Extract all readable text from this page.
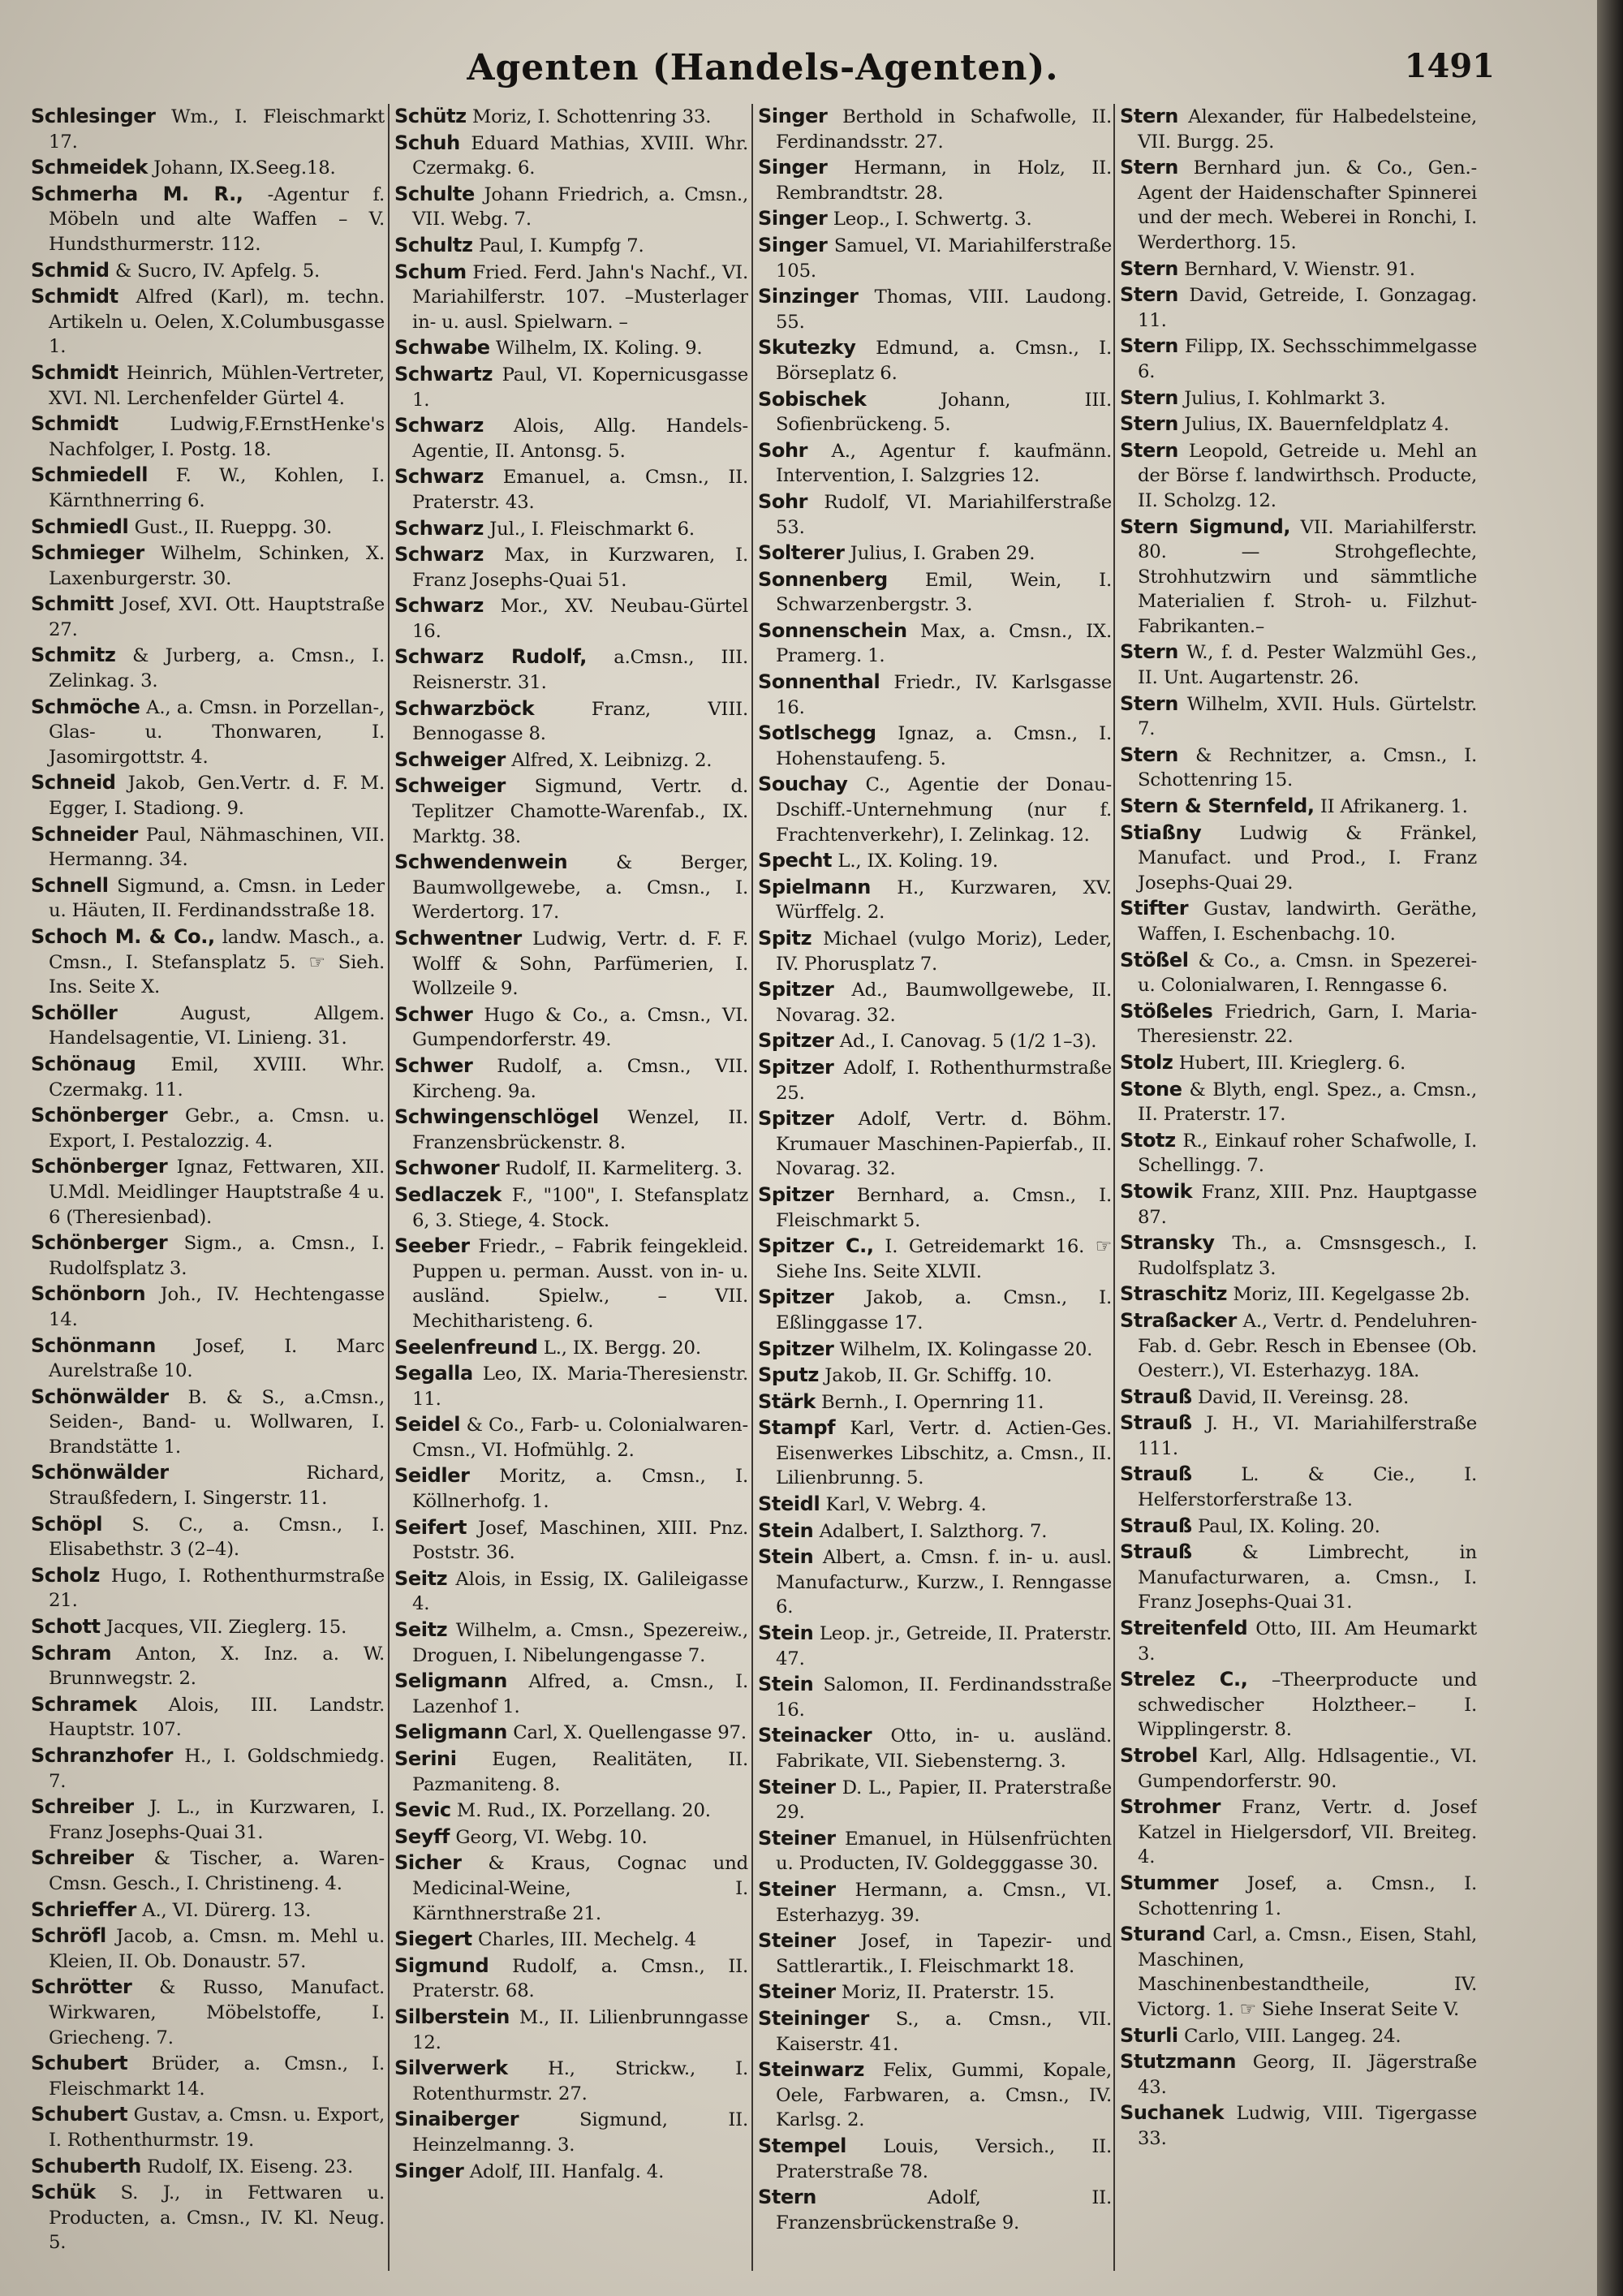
Agenten (Handels-Agenten).	1491

Schlesinger Wm., I. Fleischmarkt 17.

Schmeidek Johann, IX.Seeg.18.

Schmerha M. R., -Agentur f. Möbeln und alte Waffen – V. Hundsthurmerstr. 112.

Schmid & Sucro, IV. Apfelg. 5.

Schmidt Alfred (Karl), m. techn. Artikeln u. Oelen, X.Columbusgasse 1.

Schmidt Heinrich, Mühlen-Vertreter, XVI. Nl. Lerchenfelder Gürtel 4.

Schmidt	Ludwig,F.ErnstHenke's Nachfolger, I. Postg. 18.

Schmiedell F. W., Kohlen, I. Kärnthnerring 6.

Schmiedl Gust., II. Rueppg. 30.

Schmieger Wilhelm, Schinken, X. Laxenburgerstr. 30.

Schmitt Josef, XVI. Ott. Hauptstraße 27.

Schmitz & Jurberg, a. Cmsn., I. Zelinkag. 3.

Schmöche A., a. Cmsn. in Porzellan-, Glas- u. Thonwaren, I. Jasomirgottstr. 4.

Schneid Jakob, Gen.Vertr. d. F. M. Egger, I. Stadiong. 9.

Schneider Paul, Nähmaschinen, VII. Hermanng. 34.

Schnell Sigmund, a. Cmsn. in Leder u. Häuten, II. Ferdinandsstraße 18.

Schoch M. & Co., landw. Masch., a. Cmsn., I. Stefansplatz 5. ☞ Sieh. Ins. Seite X.

Schöller	August, Allgem. Handelsagentie, VI. Linieng. 31.

Schönaug Emil, XVIII. Whr. Czermakg. 11.

Schönberger Gebr., a. Cmsn. u. Export, I. Pestalozzig. 4.

Schönberger Ignaz, Fettwaren, XII. U.Mdl. Meidlinger Hauptstraße 4 u. 6 (Theresienbad).

Schönberger Sigm., a. Cmsn., I. Rudolfsplatz 3.

Schönborn Joh., IV. Hechtengasse 14.

Schönmann Josef, I. Marc Aurelstraße 10.

Schönwälder B. & S., a.Cmsn., Seiden-, Band- u. Wollwaren, I. Brandstätte 1.

Schönwälder	Richard, Straußfedern, I. Singerstr. 11.

Schöpl S. C., a. Cmsn., I. Elisabethstr. 3 (2–4).

Scholz Hugo, I. Rothenthurmstraße 21.

Schott Jacques, VII. Zieglerg. 15.

Schram Anton, X. Inz. a. W. Brunnwegstr. 2.

Schramek Alois, III. Landstr. Hauptstr. 107.

Schranzhofer H., I. Goldschmiedg. 7.

Schreiber J. L., in Kurzwaren, I. Franz Josephs-Quai 31.

Schreiber & Tischer, a. Waren-Cmsn. Gesch., I. Christineng. 4.

Schrieffer A., VI. Dürerg. 13.

Schröfl Jacob, a. Cmsn. m. Mehl u. Kleien, II. Ob. Donaustr. 57.

Schrötter & Russo, Manufact. Wirkwaren, Möbelstoffe, I. Griecheng. 7.

Schubert Brüder, a. Cmsn., I. Fleischmarkt 14.

Schubert Gustav, a. Cmsn. u. Export, I. Rothenthurmstr. 19.

Schuberth Rudolf, IX. Eiseng. 23.

Schük S. J., in Fettwaren u. Producten, a. Cmsn., IV. Kl. Neug. 5.

Schütz Moriz, I. Schottenring 33.

Schuh Eduard Mathias, XVIII. Whr. Czermakg. 6.

Schulte Johann Friedrich, a. Cmsn., VII. Webg. 7.

Schultz Paul, I. Kumpfg 7.

Schum Fried. Ferd. Jahn's Nachf., VI. Mariahilferstr. 107. –Musterlager in- u. ausl. Spielwarn. –

Schwabe Wilhelm, IX. Koling. 9.

Schwartz Paul, VI. Kopernicusgasse 1.

Schwarz Alois, Allg. Handels-Agentie, II. Antonsg. 5.

Schwarz Emanuel, a. Cmsn., II. Praterstr. 43.

Schwarz Jul., I. Fleischmarkt 6.

Schwarz Max, in Kurzwaren, I. Franz Josephs-Quai 51.

Schwarz Mor., XV. Neubau-Gürtel 16.

Schwarz Rudolf, a.Cmsn., III. Reisnerstr. 31.

Schwarzböck	Franz, VIII. Bennogasse 8.

Schweiger Alfred, X. Leibnizg. 2.

Schweiger Sigmund, Vertr. d. Teplitzer Chamotte-Warenfab., IX. Marktg. 38.

Schwendenwein	& Berger, Baumwollgewebe, a. Cmsn., I. Werdertorg. 17.

Schwentner Ludwig, Vertr. d. F. F. Wolff & Sohn, Parfümerien, I. Wollzeile 9.

Schwer Hugo & Co., a. Cmsn., VI. Gumpendorferstr. 49.

Schwer Rudolf, a. Cmsn., VII. Kircheng. 9a.

Schwingenschlögel Wenzel, II. Franzensbrückenstr. 8.

Schwoner Rudolf, II. Karmeliterg. 3.

Sedlaczek F., "100", I. Stefansplatz 6, 3. Stiege, 4. Stock.

Seeber Friedr., – Fabrik feingekleid. Puppen u. perman. Ausst. von in- u. ausländ. Spielw., – VII. Mechitharisteng. 6.

Seelenfreund L., IX. Bergg. 20.

Segalla Leo, IX. Maria-Theresienstr. 11.

Seidel & Co., Farb- u. Colonialwaren-Cmsn., VI. Hofmühlg. 2.

Seidler Moritz, a. Cmsn., I. Köllnerhofg. 1.

Seifert Josef, Maschinen, XIII. Pnz. Poststr. 36.

Seitz Alois, in Essig, IX. Galileigasse 4.

Seitz Wilhelm, a. Cmsn., Spezereiw., Droguen, I. Nibelungengasse 7.

Seligmann Alfred, a. Cmsn., I. Lazenhof 1.

Seligmann Carl, X. Quellengasse 97.

Serini Eugen, Realitäten, II. Pazmaniteng. 8.

Sevic M. Rud., IX. Porzellang. 20.

Seyff Georg, VI. Webg. 10.

Sicher & Kraus, Cognac und Medicinal-Weine, I. Kärnthnerstraße 21.

Siegert Charles, III. Mechelg. 4

Sigmund Rudolf, a. Cmsn., II. Praterstr. 68.

Silberstein M., II. Lilienbrunngasse 12.

Silverwerk H., Strickw., I. Rotenthurmstr. 27.

Sinaiberger	Sigmund, II. Heinzelmanng. 3.

Singer Adolf, III. Hanfalg. 4.

Singer Berthold in Schafwolle, II. Ferdinandsstr. 27.

Singer Hermann, in Holz, II. Rembrandtstr. 28.

Singer Leop., I. Schwertg. 3.

Singer Samuel, VI. Mariahilferstraße 105.

Sinzinger Thomas, VIII. Laudong. 55.

Skutezky Edmund, a. Cmsn., I. Börseplatz 6.

Sobischek	Johann, III. Sofienbrückeng. 5.

Sohr A., Agentur f. kaufmänn. Intervention, I. Salzgries 12.

Sohr Rudolf, VI. Mariahilferstraße 53.

Solterer Julius, I. Graben 29.

Sonnenberg Emil, Wein, I. Schwarzenbergstr. 3.

Sonnenschein Max, a. Cmsn., IX. Pramerg. 1.

Sonnenthal Friedr., IV. Karlsgasse 16.

Sotlschegg Ignaz, a. Cmsn., I. Hohenstaufeng. 5.

Souchay C., Agentie der Donau-Dschiff.-Unternehmung (nur f. Frachtenverkehr), I. Zelinkag. 12.

Specht L., IX. Koling. 19.

Spielmann H., Kurzwaren, XV. Würffelg. 2.

Spitz Michael (vulgo Moriz), Leder, IV. Phorusplatz 7.

Spitzer Ad., Baumwollgewebe, II. Novarag. 32.

Spitzer Ad., I. Canovag. 5 (1/2 1–3).

Spitzer Adolf, I. Rothenthurmstraße 25.

Spitzer Adolf, Vertr. d. Böhm. Krumauer Maschinen-Papierfab., II. Novarag. 32.

Spitzer Bernhard, a. Cmsn., I. Fleischmarkt 5.

Spitzer C., I. Getreidemarkt 16. ☞ Siehe Ins. Seite XLVII.

Spitzer Jakob, a. Cmsn., I. Eßlinggasse 17.

Spitzer Wilhelm, IX. Kolingasse 20.

Sputz Jakob, II. Gr. Schiffg. 10.

Stärk Bernh., I. Opernring 11.

Stampf Karl, Vertr. d. Actien-Ges. Eisenwerkes Libschitz, a. Cmsn., II. Lilienbrunng. 5.

Steidl Karl, V. Webrg. 4.

Stein Adalbert, I. Salzthorg. 7.

Stein Albert, a. Cmsn. f. in- u. ausl. Manufacturw., Kurzw., I. Renngasse 6.

Stein Leop. jr., Getreide, II. Praterstr. 47.

Stein Salomon, II. Ferdinandsstraße 16.

Steinacker Otto, in- u. ausländ. Fabrikate, VII. Siebensterng. 3.

Steiner D. L., Papier, II. Praterstraße 29.

Steiner Emanuel, in Hülsenfrüchten u. Producten, IV. Goldegggasse 30.

Steiner Hermann, a. Cmsn., VI. Esterhazyg. 39.

Steiner Josef, in Tapezir- und Sattlerartik., I. Fleischmarkt 18.

Steiner Moriz, II. Praterstr. 15.

Steininger S., a. Cmsn., VII. Kaiserstr. 41.

Steinwarz Felix, Gummi, Kopale, Oele, Farbwaren, a. Cmsn., IV. Karlsg. 2.

Stempel Louis, Versich., II. Praterstraße 78.

Stern	Adolf, II. Franzensbrückenstraße 9.

Stern Alexander, für Halbedelsteine, VII. Burgg. 25.

Stern Bernhard jun. & Co., Gen.-Agent der Haidenschafter Spinnerei und der mech. Weberei in Ronchi, I. Werderthorg. 15.

Stern Bernhard, V. Wienstr. 91.

Stern David, Getreide, I. Gonzagag. 11.

Stern Filipp, IX. Sechsschimmelgasse 6.

Stern Julius, I. Kohlmarkt 3.

Stern Julius, IX. Bauernfeldplatz 4.

Stern Leopold, Getreide u. Mehl an der Börse f. landwirthsch. Producte, II. Scholzg. 12.

Stern Sigmund, VII. Mariahilferstr. 80. — Strohgeflechte, Strohhutzwirn und sämmtliche Materialien f. Stroh- u. Filzhut-Fabrikanten.–

Stern W., f. d. Pester Walzmühl Ges., II. Unt. Augartenstr. 26.

Stern Wilhelm, XVII. Huls. Gürtelstr. 7.

Stern & Rechnitzer, a. Cmsn., I. Schottenring 15.

Stern & Sternfeld, II Afrikanerg. 1.

Stiaßny Ludwig & Fränkel, Manufact. und Prod., I. Franz Josephs-Quai 29.

Stifter Gustav, landwirth. Geräthe, Waffen, I. Eschenbachg. 10.

Stößel & Co., a. Cmsn. in Spezerei- u. Colonialwaren, I. Renngasse 6.

Stößeles Friedrich, Garn, I. Maria-Theresienstr. 22.

Stolz Hubert, III. Krieglerg. 6.

Stone & Blyth, engl. Spez., a. Cmsn., II. Praterstr. 17.

Stotz R., Einkauf roher Schafwolle, I. Schellingg. 7.

Stowik Franz, XIII. Pnz. Hauptgasse 87.

Stransky Th., a. Cmsnsgesch., I. Rudolfsplatz 3.

Straschitz Moriz, III. Kegelgasse 2b.

Straßacker A., Vertr. d. Pendeluhren-Fab. d. Gebr. Resch in Ebensee (Ob. Oesterr.), VI. Esterhazyg. 18A.

Strauß David, II. Vereinsg. 28.

Strauß J. H., VI. Mariahilferstraße 111.

Strauß	L. & Cie., I. Helferstorferstraße 13.

Strauß Paul, IX. Koling. 20.

Strauß	& Limbrecht, in Manufacturwaren, a. Cmsn., I. Franz Josephs-Quai 31.

Streitenfeld Otto, III. Am Heumarkt 3.

Strelez C., –Theerproducte und schwedischer Holztheer.– I. Wipplingerstr. 8.

Strobel Karl, Allg. Hdlsagentie., VI. Gumpendorferstr. 90.

Strohmer Franz, Vertr. d. Josef Katzel in Hielgersdorf, VII. Breiteg. 4.

Stummer Josef, a. Cmsn., I. Schottenring 1.

Sturand Carl, a. Cmsn., Eisen, Stahl, Maschinen, Maschinenbestandtheile, IV. Victorg. 1. ☞ Siehe Inserat Seite V.

Sturli Carlo, VIII. Langeg. 24.

Stutzmann Georg, II. Jägerstraße 43.

Suchanek Ludwig, VIII. Tigergasse 33.
